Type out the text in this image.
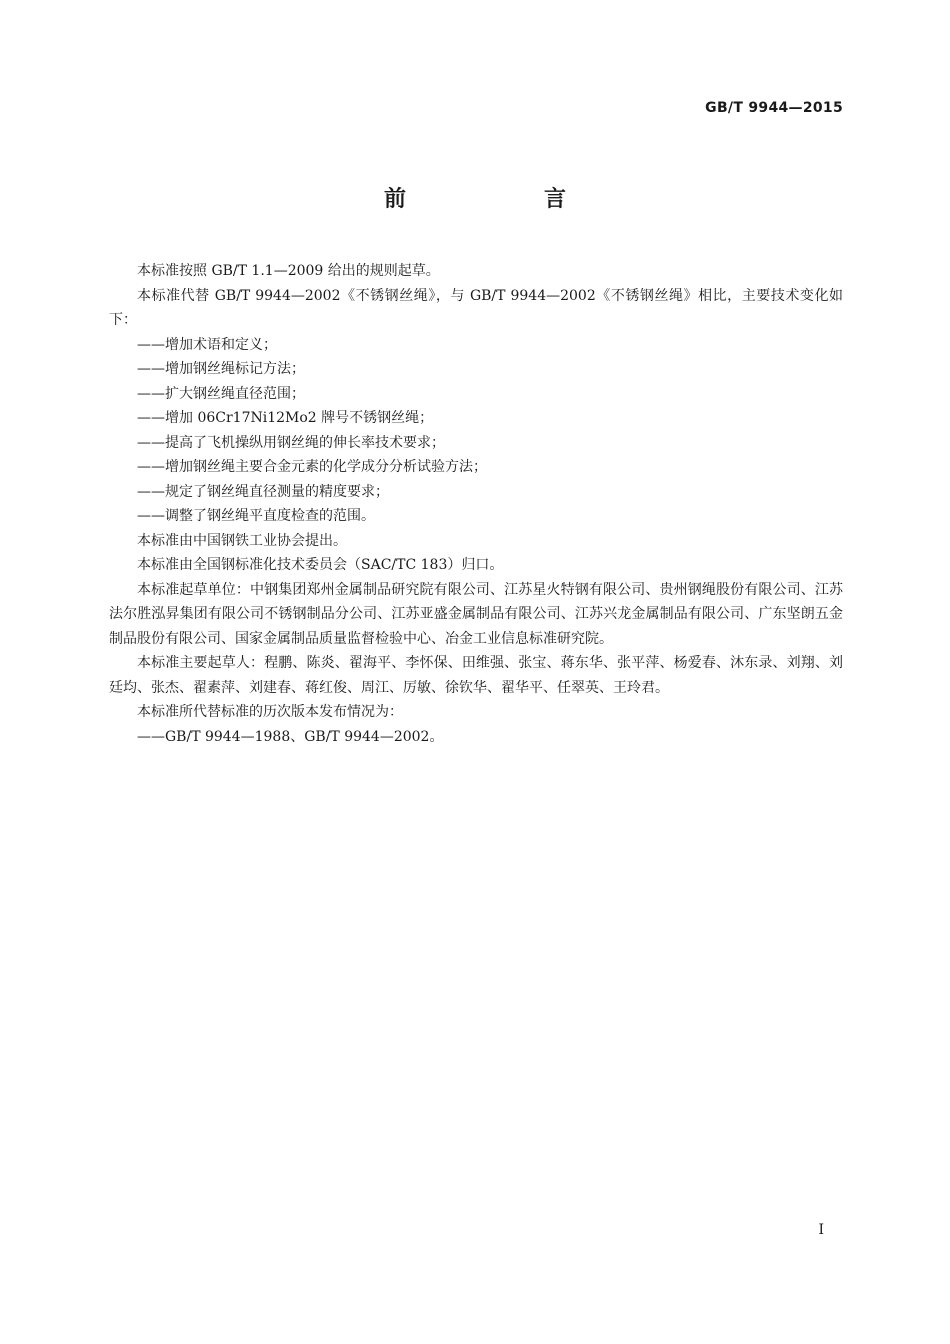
GB/T 9944—2015
前　言

本标准按照 GB/T 1.1—2009 给出的规则起草。

本标准代替 GB/T 9944—2002《不锈钢丝绳》，与 GB/T 9944—2002《不锈钢丝绳》相比，主要技术变化如下：

——增加术语和定义；

——增加钢丝绳标记方法；

——扩大钢丝绳直径范围；

——增加 06Cr17Ni12Mo2 牌号不锈钢丝绳；

——提高了飞机操纵用钢丝绳的伸长率技术要求；

——增加钢丝绳主要合金元素的化学成分分析试验方法；

——规定了钢丝绳直径测量的精度要求；

——调整了钢丝绳平直度检查的范围。

本标准由中国钢铁工业协会提出。

本标准由全国钢标准化技术委员会（SAC/TC 183）归口。

本标准起草单位：中钢集团郑州金属制品研究院有限公司、江苏星火特钢有限公司、贵州钢绳股份有限公司、江苏法尔胜泓昇集团有限公司不锈钢制品分公司、江苏亚盛金属制品有限公司、江苏兴龙金属制品有限公司、广东坚朗五金制品股份有限公司、国家金属制品质量监督检验中心、冶金工业信息标准研究院。

本标准主要起草人：程鹏、陈炎、翟海平、李怀保、田维强、张宝、蒋东华、张平萍、杨爱春、沐东录、刘翔、刘廷均、张杰、翟素萍、刘建春、蒋红俊、周江、厉敏、徐钦华、翟华平、任翠英、王玲君。

本标准所代替标准的历次版本发布情况为：

——GB/T 9944—1988、GB/T 9944—2002。

I
